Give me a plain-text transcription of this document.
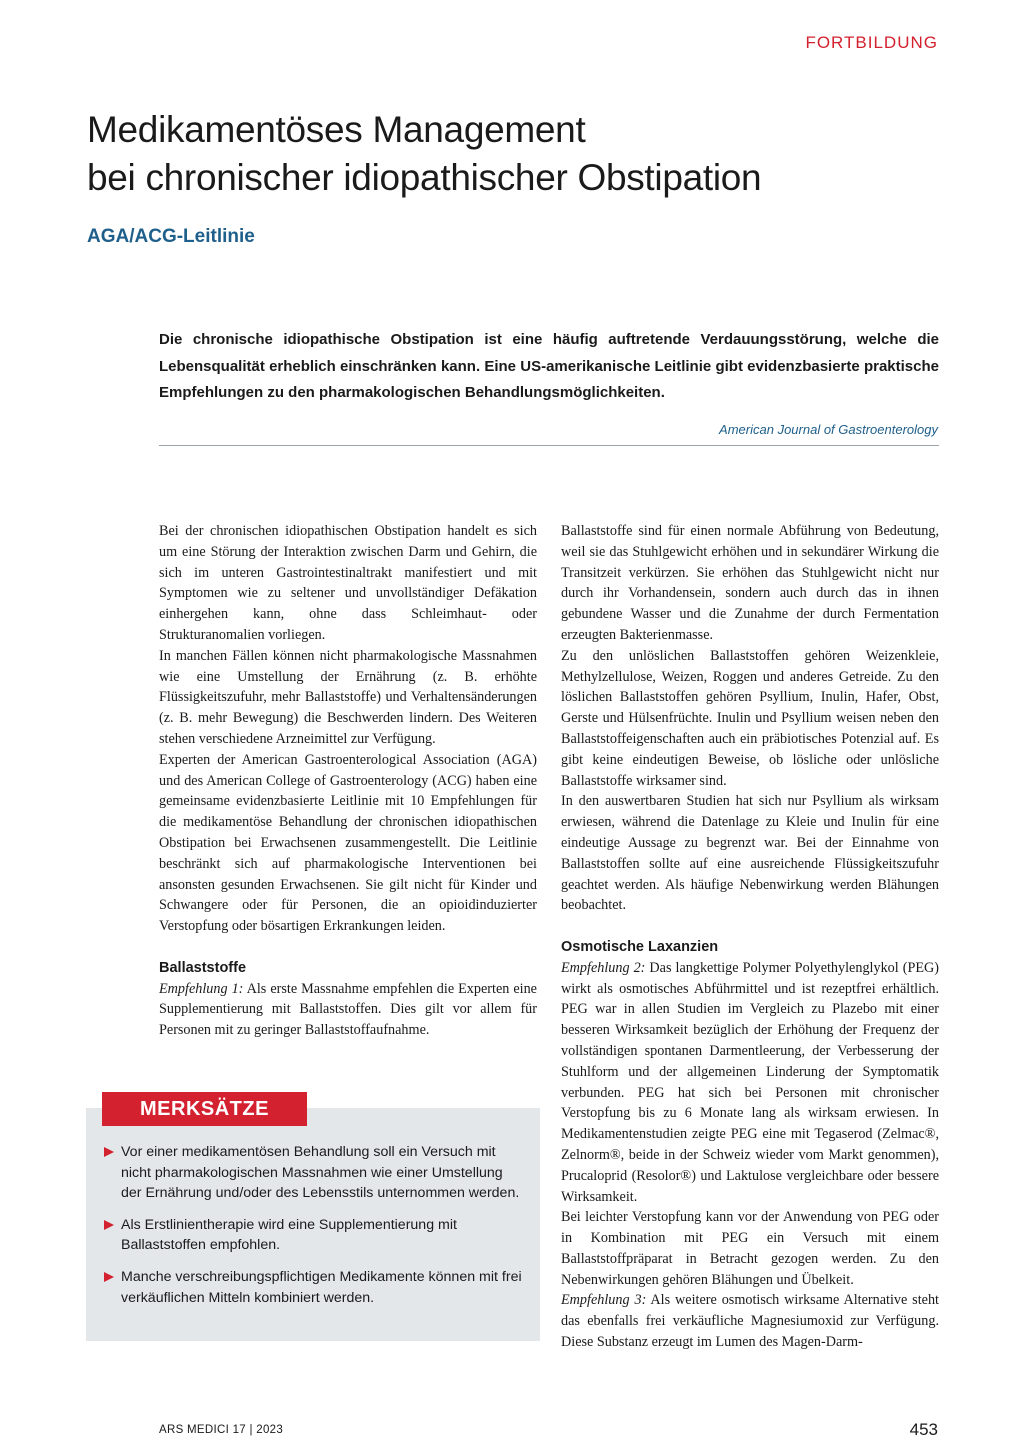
FORTBILDUNG
Medikamentöses Management
bei chronischer idiopathischer Obstipation
AGA/ACG-Leitlinie

Die chronische idiopathische Obstipation ist eine häufig auftretende Verdauungsstörung, welche die Lebensqualität erheblich einschränken kann. Eine US-amerikanische Leitlinie gibt evidenzbasierte praktische Empfehlungen zu den pharmakologischen Behandlungsmöglichkeiten.

American Journal of Gastroenterology

Bei der chronischen idiopathischen Obstipation handelt es sich um eine Störung der Interaktion zwischen Darm und Gehirn, die sich im unteren Gastrointestinaltrakt manifestiert und mit Symptomen wie zu seltener und unvollständiger Defäkation einhergehen kann, ohne dass Schleimhaut- oder Strukturanomalien vorliegen.

In manchen Fällen können nicht pharmakologische Massnahmen wie eine Umstellung der Ernährung (z. B. erhöhte Flüssigkeitszufuhr, mehr Ballaststoffe) und Verhaltensänderungen (z. B. mehr Bewegung) die Beschwerden lindern. Des Weiteren stehen verschiedene Arzneimittel zur Verfügung.

Experten der American Gastroenterological Association (AGA) und des American College of Gastroenterology (ACG) haben eine gemeinsame evidenzbasierte Leitlinie mit 10 Empfehlungen für die medikamentöse Behandlung der chronischen idiopathischen Obstipation bei Erwachsenen zusammengestellt. Die Leitlinie beschränkt sich auf pharmakologische Interventionen bei ansonsten gesunden Erwachsenen. Sie gilt nicht für Kinder und Schwangere oder für Personen, die an opioidinduzierter Verstopfung oder bösartigen Erkrankungen leiden.

Ballaststoffe

Empfehlung 1: Als erste Massnahme empfehlen die Experten eine Supplementierung mit Ballaststoffen. Dies gilt vor allem für Personen mit zu geringer Ballaststoffaufnahme.

MERKSÄTZE
Vor einer medikamentösen Behandlung soll ein Versuch mit nicht pharmakologischen Massnahmen wie einer Umstellung der Ernährung und/oder des Lebensstils unternommen werden.
Als Erstlinientherapie wird eine Supplementierung mit Ballaststoffen empfohlen.
Manche verschreibungspflichtigen Medikamente können mit frei verkäuflichen Mitteln kombiniert werden.

Ballaststoffe sind für einen normale Abführung von Bedeutung, weil sie das Stuhlgewicht erhöhen und in sekundärer Wirkung die Transitzeit verkürzen. Sie erhöhen das Stuhlgewicht nicht nur durch ihr Vorhandensein, sondern auch durch das in ihnen gebundene Wasser und die Zunahme der durch Fermentation erzeugten Bakterienmasse.

Zu den unlöslichen Ballaststoffen gehören Weizenkleie, Methylzellulose, Weizen, Roggen und anderes Getreide. Zu den löslichen Ballaststoffen gehören Psyllium, Inulin, Hafer, Obst, Gerste und Hülsenfrüchte. Inulin und Psyllium weisen neben den Ballaststoffeigenschaften auch ein präbiotisches Potenzial auf. Es gibt keine eindeutigen Beweise, ob lösliche oder unlösliche Ballaststoffe wirksamer sind.

In den auswertbaren Studien hat sich nur Psyllium als wirksam erwiesen, während die Datenlage zu Kleie und Inulin für eine eindeutige Aussage zu begrenzt war. Bei der Einnahme von Ballaststoffen sollte auf eine ausreichende Flüssigkeitszufuhr geachtet werden. Als häufige Nebenwirkung werden Blähungen beobachtet.

Osmotische Laxanzien

Empfehlung 2: Das langkettige Polymer Polyethylenglykol (PEG) wirkt als osmotisches Abführmittel und ist rezeptfrei erhältlich. PEG war in allen Studien im Vergleich zu Plazebo mit einer besseren Wirksamkeit bezüglich der Erhöhung der Frequenz der vollständigen spontanen Darmentleerung, der Verbesserung der Stuhlform und der allgemeinen Linderung der Symptomatik verbunden. PEG hat sich bei Personen mit chronischer Verstopfung bis zu 6 Monate lang als wirksam erwiesen. In Medikamentenstudien zeigte PEG eine mit Tegaserod (Zelmac®, Zelnorm®, beide in der Schweiz wieder vom Markt genommen), Prucaloprid (Resolor®) und Laktulose vergleichbare oder bessere Wirksamkeit.

Bei leichter Verstopfung kann vor der Anwendung von PEG oder in Kombination mit PEG ein Versuch mit einem Ballaststoffpräparat in Betracht gezogen werden. Zu den Nebenwirkungen gehören Blähungen und Übelkeit.

Empfehlung 3: Als weitere osmotisch wirksame Alternative steht das ebenfalls frei verkäufliche Magnesiumoxid zur Verfügung. Diese Substanz erzeugt im Lumen des Magen-Darm-

ARS MEDICI 17 | 2023	453
